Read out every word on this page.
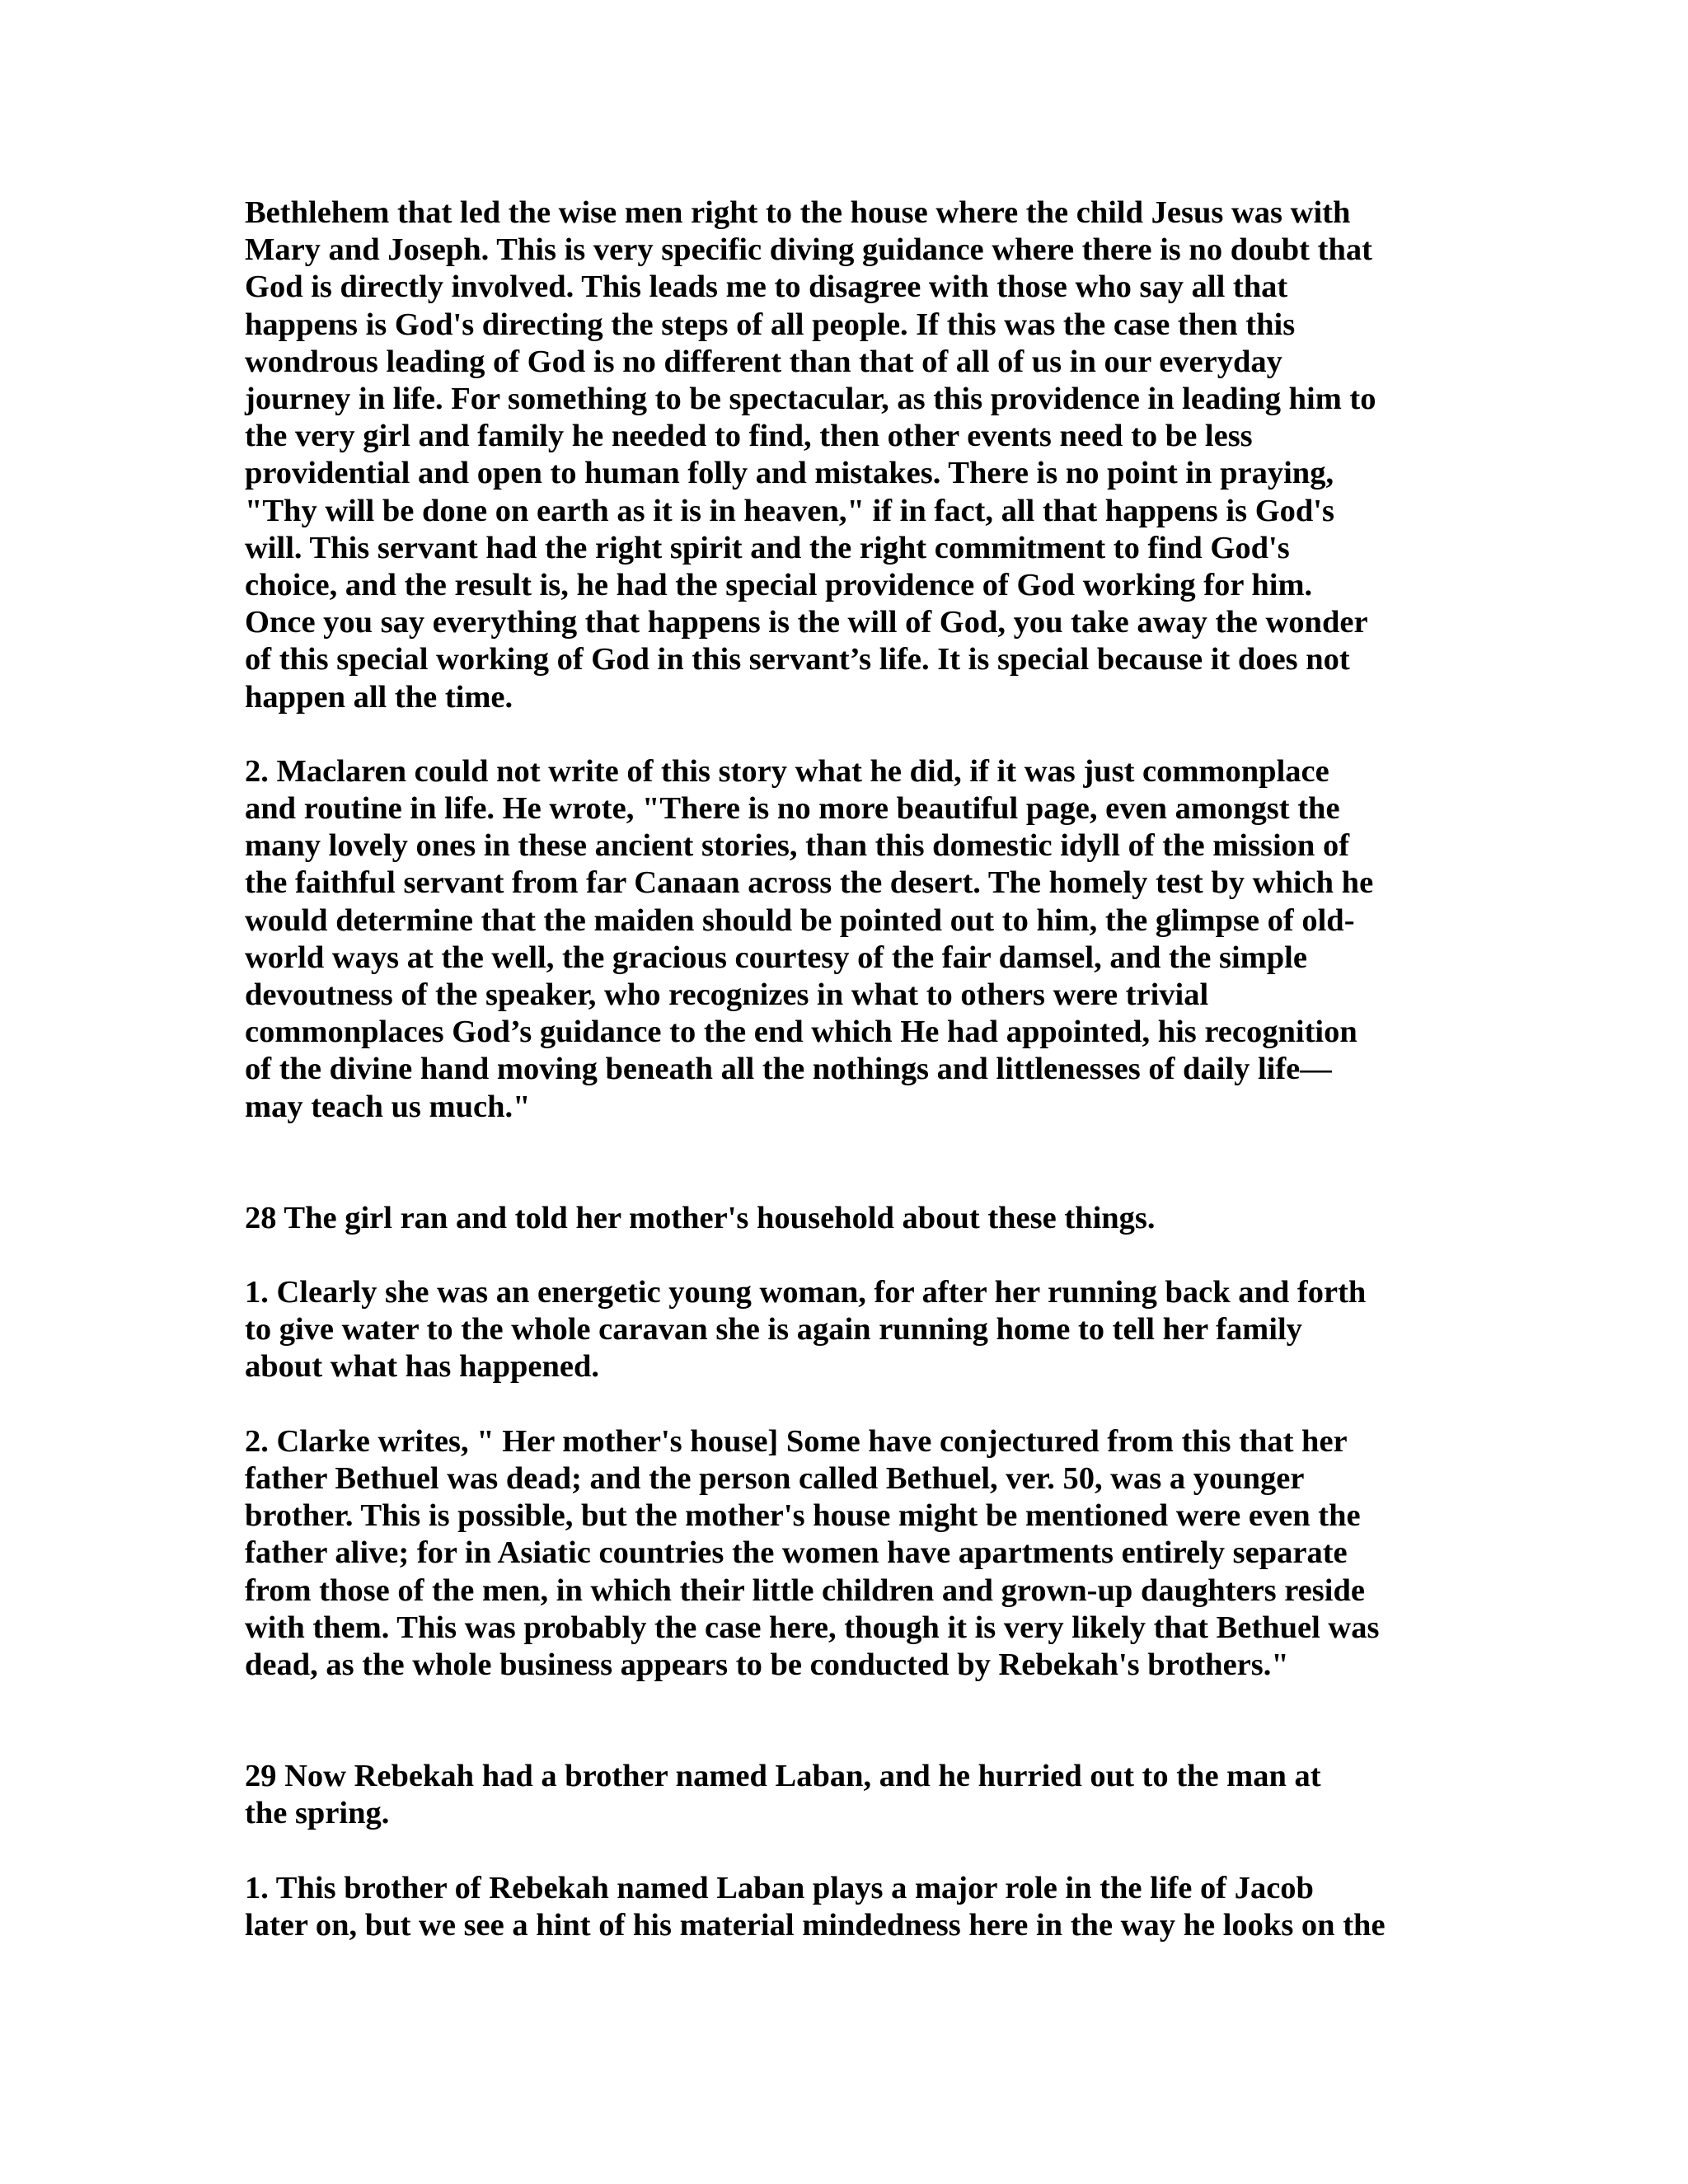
Bethlehem that led the wise men right to the house where the child Jesus was with
Mary and Joseph. This is very specific diving guidance where there is no doubt that
God is directly involved. This leads me to disagree with those who say all that
happens is God's directing the steps of all people. If this was the case then this
wondrous leading of God is no different than that of all of us in our everyday
journey in life. For something to be spectacular, as this providence in leading him to
the very girl and family he needed to find, then other events need to be less
providential and open to human folly and mistakes. There is no point in praying,
"Thy will be done on earth as it is in heaven," if in fact, all that happens is God's
will. This servant had the right spirit and the right commitment to find God's
choice, and the result is, he had the special providence of God working for him.
Once you say everything that happens is the will of God, you take away the wonder
of this special working of God in this servant’s life. It is special because it does not
happen all the time.
2. Maclaren could not write of this story what he did, if it was just commonplace
and routine in life. He wrote, "There is no more beautiful page, even amongst the
many lovely ones in these ancient stories, than this domestic idyll of the mission of
the faithful servant from far Canaan across the desert. The homely test by which he
would determine that the maiden should be pointed out to him, the glimpse of old-
world ways at the well, the gracious courtesy of the fair damsel, and the simple
devoutness of the speaker, who recognizes in what to others were trivial
commonplaces God’s guidance to the end which He had appointed, his recognition
of the divine hand moving beneath all the nothings and littlenesses of daily life—
may teach us much."
28 The girl ran and told her mother's household about these things.
1. Clearly she was an energetic young woman, for after her running back and forth
to give water to the whole caravan she is again running home to tell her family
about what has happened.
2. Clarke writes, " Her mother's house] Some have conjectured from this that her
father Bethuel was dead; and the person called Bethuel, ver. 50, was a younger
brother. This is possible, but the mother's house might be mentioned were even the
father alive; for in Asiatic countries the women have apartments entirely separate
from those of the men, in which their little children and grown-up daughters reside
with them. This was probably the case here, though it is very likely that Bethuel was
dead, as the whole business appears to be conducted by Rebekah's brothers."
29 Now Rebekah had a brother named Laban, and he hurried out to the man at
the spring.
1. This brother of Rebekah named Laban plays a major role in the life of Jacob
later on, but we see a hint of his material mindedness here in the way he looks on the
